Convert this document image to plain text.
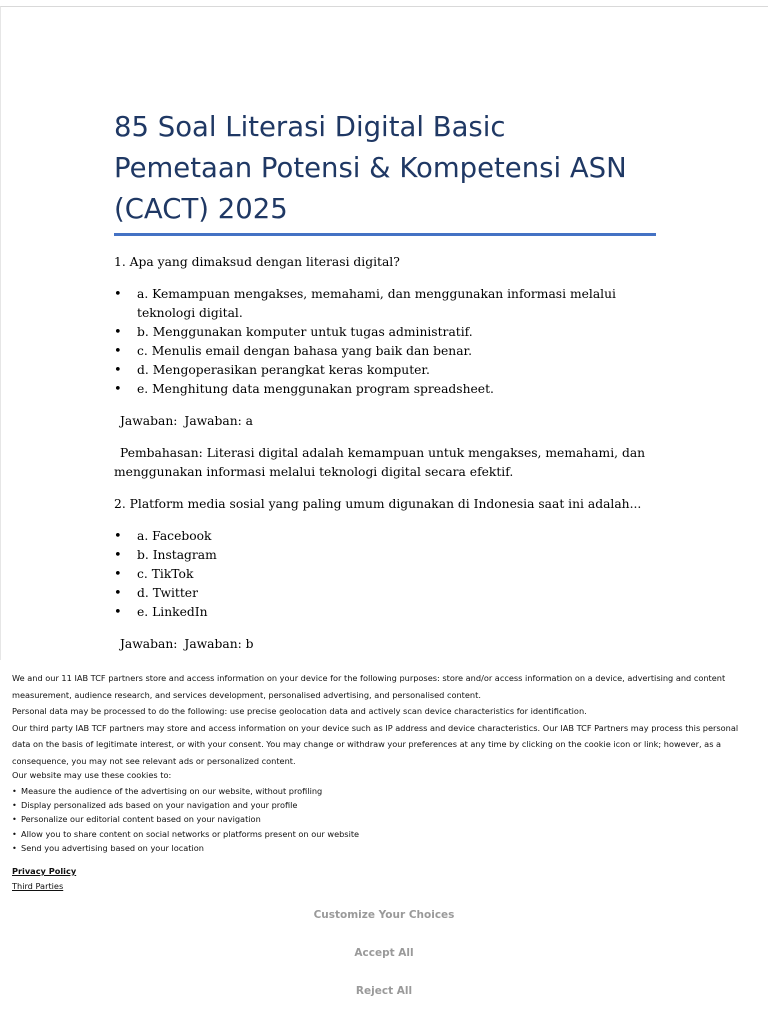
85 Soal Literasi Digital Basic
Pemetaan Potensi & Kompetensi ASN
(CACT) 2025

1. Apa yang dimaksud dengan literasi digital?

• a. Kemampuan mengakses, memahami, dan menggunakan informasi melalui teknologi digital.
• b. Menggunakan komputer untuk tugas administratif.
• c. Menulis email dengan bahasa yang baik dan benar.
• d. Mengoperasikan perangkat keras komputer.
• e. Menghitung data menggunakan program spreadsheet.

Jawaban: Jawaban: a

Pembahasan: Literasi digital adalah kemampuan untuk mengakses, memahami, dan menggunakan informasi melalui teknologi digital secara efektif.

2. Platform media sosial yang paling umum digunakan di Indonesia saat ini adalah...

• a. Facebook
• b. Instagram
• c. TikTok
• d. Twitter
• e. LinkedIn

Jawaban: Jawaban: b

We and our 11 IAB TCF partners store and access information on your device for the following purposes: store and/or access information on a device, advertising and content measurement, audience research, and services development, personalised advertising, and personalised content.

Personal data may be processed to do the following: use precise geolocation data and actively scan device characteristics for identification.

Our third party IAB TCF partners may store and access information on your device such as IP address and device characteristics. Our IAB TCF Partners may process this personal data on the basis of legitimate interest, or with your consent. You may change or withdraw your preferences at any time by clicking on the cookie icon or link; however, as a consequence, you may not see relevant ads or personalized content.

Our website may use these cookies to:

• Measure the audience of the advertising on our website, without profiling
• Display personalized ads based on your navigation and your profile
• Personalize our editorial content based on your navigation
• Allow you to share content on social networks or platforms present on our website
• Send you advertising based on your location
Privacy Policy
Third Parties
Customize Your Choices
Accept All
Reject All
